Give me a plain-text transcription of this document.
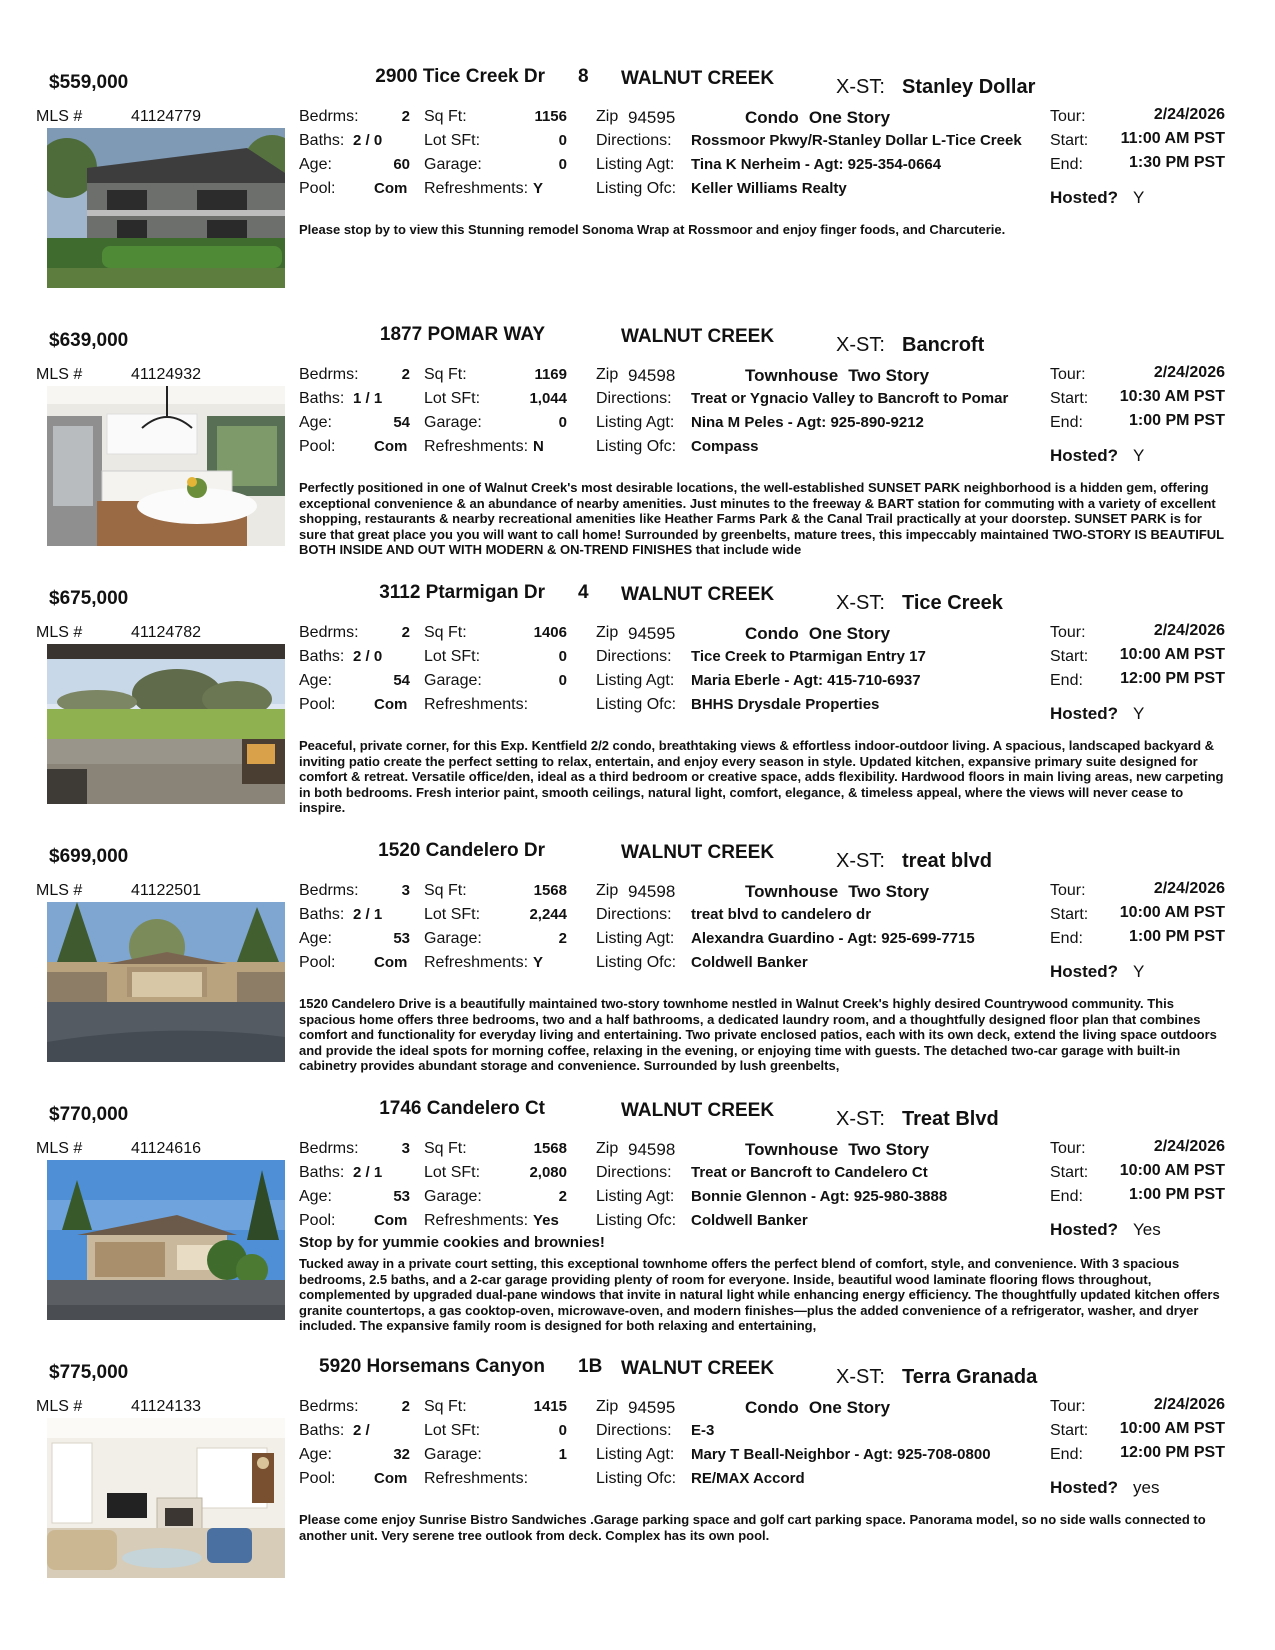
$559,000	2900 Tice Creek Dr 8 WALNUT CREEK	X-ST: Stanley Dollar
MLS #	41124779	Bedrms:	2 Sq Ft:	1156
Baths: 2 / 0	Lot SFt:	0
Age:	60 Garage:	0
Pool:	Com Refreshments: Y
Zip 94595	Condo One Story
Directions: Rossmoor Pkwy/R-Stanley Dollar L-Tice Creek
Listing Agt: Tina K Nerheim - Agt: 925-354-0664
Listing Ofc: Keller Williams Realty
Tour:	2/24/2026
Start:	11:00 AM PST
End:	1:30 PM PST
Hosted? Y
Please stop by to view this Stunning remodel Sonoma Wrap at Rossmoor and enjoy finger foods, and Charcuterie.
$639,000	1877 POMAR WAY	WALNUT CREEK	X-ST: Bancroft
MLS #	41124932	Bedrms:	2 Sq Ft:	1169
Baths: 1 / 1	Lot SFt:	1,044
Age:	54 Garage:	0
Pool:	Com Refreshments: N
Zip 94598	Townhouse Two Story
Directions: Treat or Ygnacio Valley to Bancroft to Pomar
Listing Agt: Nina M Peles - Agt: 925-890-9212
Listing Ofc: Compass
Tour:	2/24/2026
Start:	10:30 AM PST
End:	1:00 PM PST
Hosted? Y
Perfectly positioned in one of Walnut Creek's most desirable locations, the well-established SUNSET PARK neighborhood is a hidden gem, offering exceptional convenience & an abundance of nearby amenities. Just minutes to the freeway & BART station for commuting with a variety of excellent shopping, restaurants & nearby recreational amenities like Heather Farms Park & the Canal Trail practically at your doorstep. SUNSET PARK is for sure that great place you you will want to call home! Surrounded by greenbelts, mature trees, this impeccably maintained TWO-STORY IS BEAUTIFUL BOTH INSIDE AND OUT WITH MODERN & ON-TREND FINISHES that include wide
$675,000	3112 Ptarmigan Dr 4 WALNUT CREEK	X-ST: Tice Creek
MLS #	41124782	Bedrms:	2 Sq Ft:	1406
Baths: 2 / 0	Lot SFt:	0
Age:	54 Garage:	0
Pool:	Com Refreshments:
Zip 94595	Condo One Story
Directions: Tice Creek to Ptarmigan Entry 17
Listing Agt: Maria Eberle - Agt: 415-710-6937
Listing Ofc: BHHS Drysdale Properties
Tour:	2/24/2026
Start:	10:00 AM PST
End:	12:00 PM PST
Hosted? Y
Peaceful, private corner, for this Exp. Kentfield 2/2 condo, breathtaking views & effortless indoor-outdoor living. A spacious, landscaped backyard & inviting patio create the perfect setting to relax, entertain, and enjoy every season in style. Updated kitchen, expansive primary suite designed for comfort & retreat. Versatile office/den, ideal as a third bedroom or creative space, adds flexibility. Hardwood floors in main living areas, new carpeting in both bedrooms. Fresh interior paint, smooth ceilings, natural light, comfort, elegance, & timeless appeal, where the views will never cease to inspire.
$699,000	1520 Candelero Dr	WALNUT CREEK	X-ST: treat blvd
MLS #	41122501	Bedrms:	3 Sq Ft:	1568
Baths: 2 / 1	Lot SFt:	2,244
Age:	53 Garage:	2
Pool:	Com Refreshments: Y
Zip 94598	Townhouse Two Story
Directions: treat blvd to candelero dr
Listing Agt: Alexandra Guardino - Agt: 925-699-7715
Listing Ofc: Coldwell Banker
Tour:	2/24/2026
Start:	10:00 AM PST
End:	1:00 PM PST
Hosted? Y
1520 Candelero Drive is a beautifully maintained two-story townhome nestled in Walnut Creek's highly desired Countrywood community. This spacious home offers three bedrooms, two and a half bathrooms, a dedicated laundry room, and a thoughtfully designed floor plan that combines comfort and functionality for everyday living and entertaining. Two private enclosed patios, each with its own deck, extend the living space outdoors and provide the ideal spots for morning coffee, relaxing in the evening, or enjoying time with guests. The detached two-car garage with built-in cabinetry provides abundant storage and convenience. Surrounded by lush greenbelts,
$770,000	1746 Candelero Ct	WALNUT CREEK	X-ST: Treat Blvd
MLS #	41124616	Bedrms:	3 Sq Ft:	1568
Baths: 2 / 1	Lot SFt:	2,080
Age:	53 Garage:	2
Pool:	Com Refreshments: Yes
Zip 94598	Townhouse Two Story
Directions: Treat or Bancroft to Candelero Ct
Listing Agt: Bonnie Glennon - Agt: 925-980-3888
Listing Ofc: Coldwell Banker
Tour:	2/24/2026
Start:	10:00 AM PST
End:	1:00 PM PST
Hosted? Yes
Stop by for yummie cookies and brownies!
Tucked away in a private court setting, this exceptional townhome offers the perfect blend of comfort, style, and convenience. With 3 spacious bedrooms, 2.5 baths, and a 2-car garage providing plenty of room for everyone. Inside, beautiful wood laminate flooring flows throughout, complemented by upgraded dual-pane windows that invite in natural light while enhancing energy efficiency. The thoughtfully updated kitchen offers granite countertops, a gas cooktop-oven, microwave-oven, and modern finishes—plus the added convenience of a refrigerator, washer, and dryer included. The expansive family room is designed for both relaxing and entertaining,
$775,000	5920 Horsemans Canyon 1B WALNUT CREEK	X-ST: Terra Granada
MLS #	41124133	Bedrms:	2 Sq Ft:	1415
Baths: 2 /	Lot SFt:	0
Age:	32 Garage:	1
Pool:	Com Refreshments:
Zip 94595	Condo One Story
Directions: E-3
Listing Agt: Mary T Beall-Neighbor - Agt: 925-708-0800
Listing Ofc: RE/MAX Accord
Tour:	2/24/2026
Start:	10:00 AM PST
End:	12:00 PM PST
Hosted? yes
Please come enjoy Sunrise Bistro Sandwiches .Garage parking space and golf cart parking space. Panorama model, so no side walls connected to another unit. Very serene tree outlook from deck. Complex has its own pool.
